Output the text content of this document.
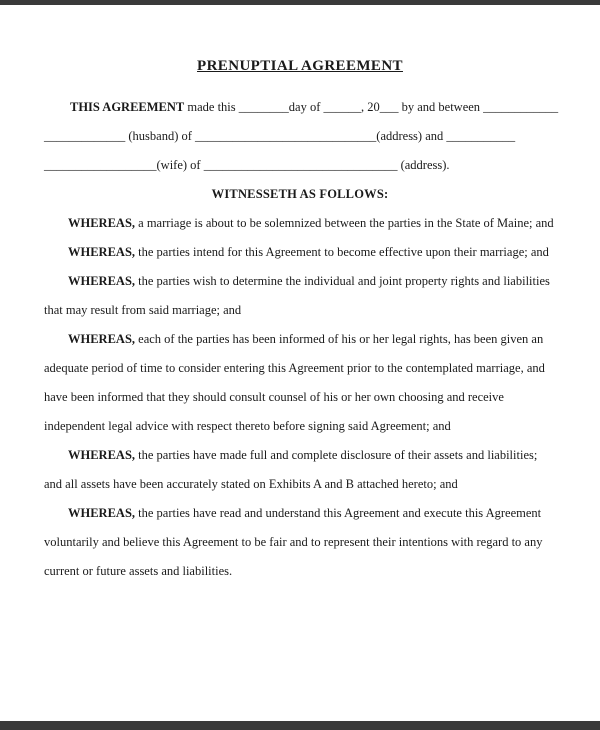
PRENUPTIAL AGREEMENT

THIS AGREEMENT made this ________day of ______, 20___ by and between ____________
_____________ (husband) of _____________________________(address) and ___________
__________________(wife) of _______________________________ (address).

WITNESSETH AS FOLLOWS:

WHEREAS, a marriage is about to be solemnized between the parties in the State of Maine; and

WHEREAS, the parties intend for this Agreement to become effective upon their marriage; and

WHEREAS, the parties wish to determine the individual and joint property rights and liabilities that may result from said marriage; and

WHEREAS, each of the parties has been informed of his or her legal rights, has been given an adequate period of time to consider entering this Agreement prior to the contemplated marriage, and have been informed that they should consult counsel of his or her own choosing and receive independent legal advice with respect thereto before signing said Agreement; and

WHEREAS, the parties have made full and complete disclosure of their assets and liabilities; and all assets have been accurately stated on Exhibits A and B attached hereto; and

WHEREAS, the parties have read and understand this Agreement and execute this Agreement voluntarily and believe this Agreement to be fair and to represent their intentions with regard to any current or future assets and liabilities.
